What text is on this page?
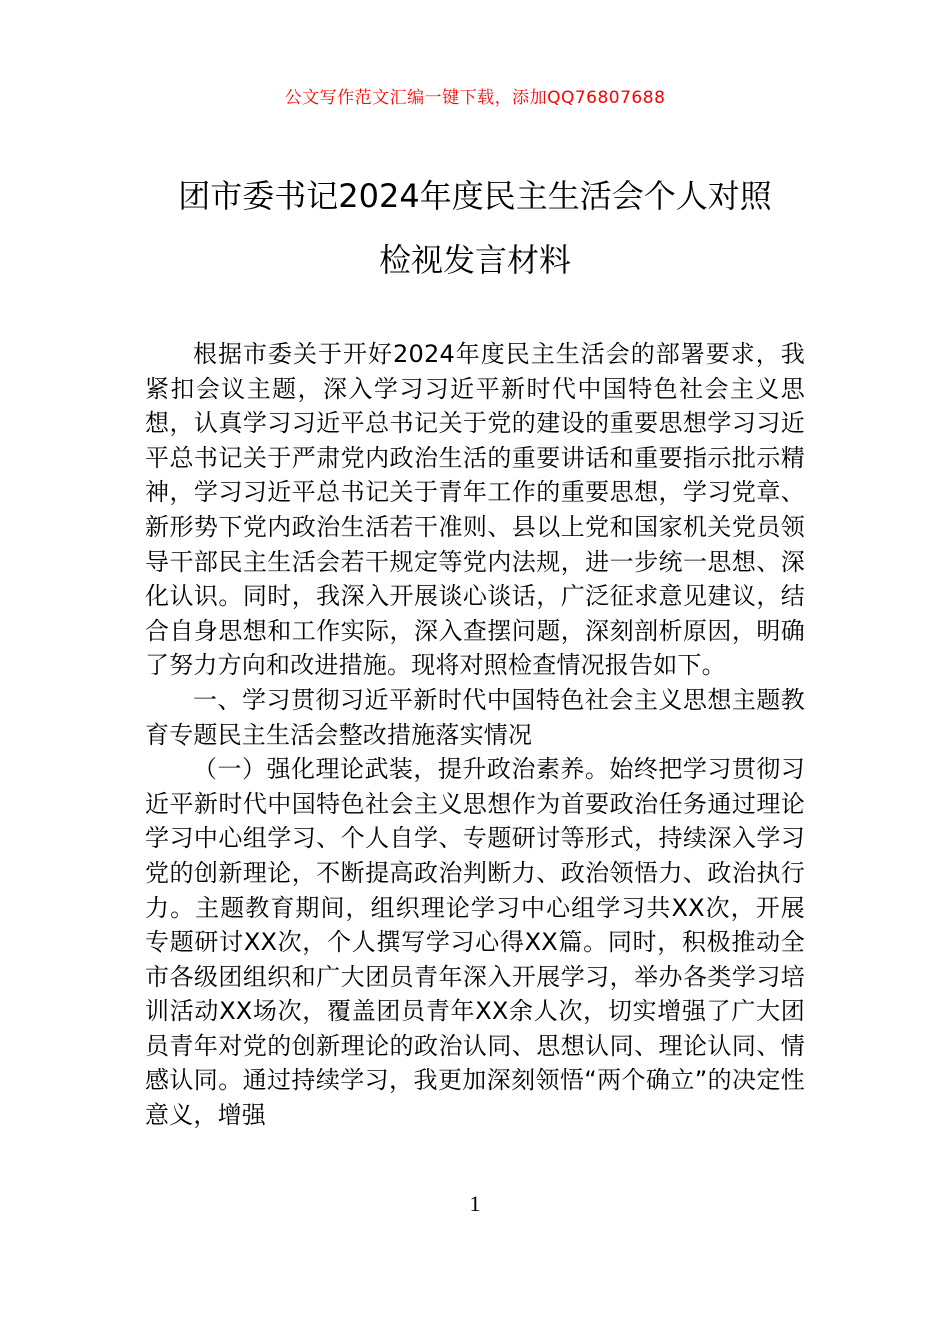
公文写作范文汇编一键下载，添加QQ76807688
团市委书记2024年度民主生活会个人对照
检视发言材料

根据市委关于开好2024年度民主生活会的部署要求，我紧扣会议主题，深入学习习近平新时代中国特色社会主义思想，认真学习习近平总书记关于党的建设的重要思想学习习近平总书记关于严肃党内政治生活的重要讲话和重要指示批示精神，学习习近平总书记关于青年工作的重要思想，学习党章、新形势下党内政治生活若干准则、县以上党和国家机关党员领导干部民主生活会若干规定等党内法规，进一步统一思想、深化认识。同时，我深入开展谈心谈话，广泛征求意见建议，结合自身思想和工作实际，深入查摆问题，深刻剖析原因，明确了努力方向和改进措施。现将对照检查情况报告如下。

一、学习贯彻习近平新时代中国特色社会主义思想主题教育专题民主生活会整改措施落实情况

（一）强化理论武装，提升政治素养。始终把学习贯彻习近平新时代中国特色社会主义思想作为首要政治任务通过理论学习中心组学习、个人自学、专题研讨等形式，持续深入学习党的创新理论，不断提高政治判断力、政治领悟力、政治执行力。主题教育期间，组织理论学习中心组学习共XX次，开展专题研讨XX次，个人撰写学习心得XX篇。同时，积极推动全市各级团组织和广大团员青年深入开展学习，举办各类学习培训活动XX场次，覆盖团员青年XX余人次，切实增强了广大团员青年对党的创新理论的政治认同、思想认同、理论认同、情感认同。通过持续学习，我更加深刻领悟“两个确立”的决定性意义，增强

1
